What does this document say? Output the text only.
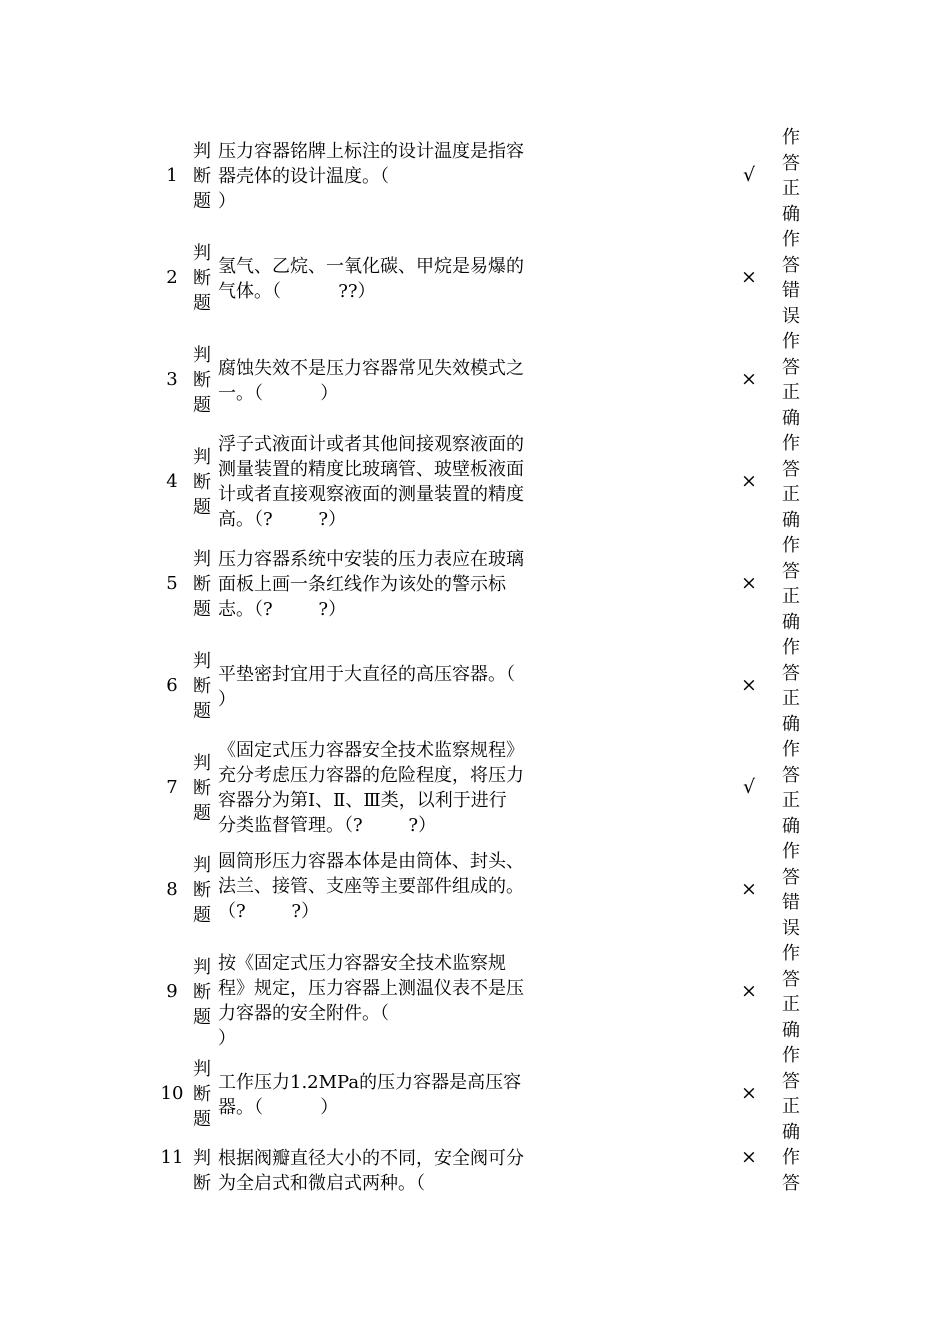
1
判断题
压力容器铭牌上标注的设计温度是指容器壳体的设计温度。（
）
√
作答正确
2
判断题
氢气、乙烷、一氧化碳、甲烷是易爆的气体。（          ??）
×
作答错误
3
判断题
腐蚀失效不是压力容器常见失效模式之一。（          ）
×
作答正确
4
判断题
浮子式液面计或者其他间接观察液面的测量装置的精度比玻璃管、玻壁板液面计或者直接观察液面的测量装置的精度高。（?        ?）
×
作答正确
5
判断题
压力容器系统中安装的压力表应在玻璃面板上画一条红线作为该处的警示标志。（?        ?）
×
作答正确
6
判断题
平垫密封宜用于大直径的高压容器。（          ）
×
作答正确
7
判断题
《固定式压力容器安全技术监察规程》充分考虑压力容器的危险程度，将压力容器分为第Ⅰ、Ⅱ、Ⅲ类，以利于进行分类监督管理。（?        ?）
√
作答正确
8
判断题
圆筒形压力容器本体是由筒体、封头、法兰、接管、支座等主要部件组成的。（?        ?）
×
作答错误
9
判断题
按《固定式压力容器安全技术监察规程》规定，压力容器上测温仪表不是压力容器的安全附件。（
）
×
作答正确
10
判断题
工作压力1.2MPa的压力容器是高压容器。（          ）
×
作答正确
11 判断
根据阀瓣直径大小的不同，安全阀可分为全启式和微启式两种。（
× 作答
